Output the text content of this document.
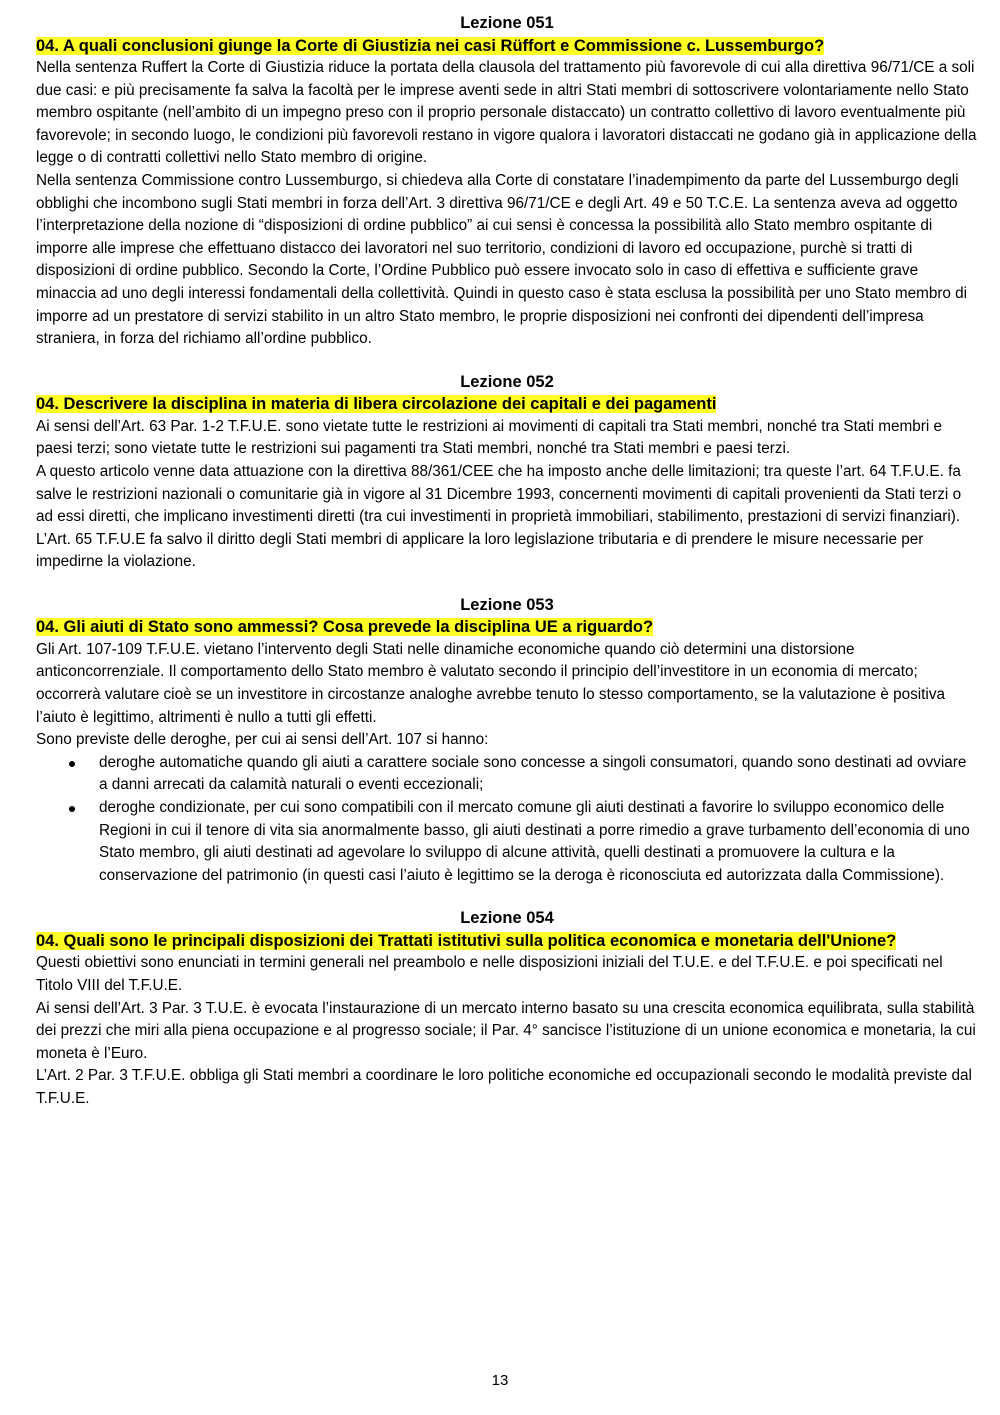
Lezione 051
04. A quali conclusioni giunge la Corte di Giustizia nei casi Rüffort e Commissione c. Lussemburgo?

Nella sentenza Ruffert la Corte di Giustizia riduce la portata della clausola del trattamento più favorevole di cui alla direttiva 96/71/CE a soli due casi: e più precisamente fa salva la facoltà per le imprese aventi sede in altri Stati membri di sottoscrivere volontariamente nello Stato membro ospitante (nell’ambito di un impegno preso con il proprio personale distaccato) un contratto collettivo di lavoro eventualmente più favorevole; in secondo luogo, le condizioni più favorevoli restano in vigore qualora i lavoratori distaccati ne godano già in applicazione della legge o di contratti collettivi nello Stato membro di origine.

Nella sentenza Commissione contro Lussemburgo, si chiedeva alla Corte di constatare l’inadempimento da parte del Lussemburgo degli obblighi che incombono sugli Stati membri in forza dell’Art. 3 direttiva 96/71/CE e degli Art. 49 e 50 T.C.E. La sentenza aveva ad oggetto l’interpretazione della nozione di “disposizioni di ordine pubblico” ai cui sensi è concessa la possibilità allo Stato membro ospitante di imporre alle imprese che effettuano distacco dei lavoratori nel suo territorio, condizioni di lavoro ed occupazione, purchè si tratti di disposizioni di ordine pubblico. Secondo la Corte, l’Ordine Pubblico può essere invocato solo in caso di effettiva e sufficiente grave minaccia ad uno degli interessi fondamentali della collettività. Quindi in questo caso è stata esclusa la possibilità per uno Stato membro di imporre ad un prestatore di servizi stabilito in un altro Stato membro, le proprie disposizioni nei confronti dei dipendenti dell’impresa straniera, in forza del richiamo all’ordine pubblico.

Lezione 052
04. Descrivere la disciplina in materia di libera circolazione dei capitali e dei pagamenti

Ai sensi dell’Art. 63 Par. 1-2 T.F.U.E. sono vietate tutte le restrizioni ai movimenti di capitali tra Stati membri, nonché tra Stati membri e paesi terzi; sono vietate tutte le restrizioni sui pagamenti tra Stati membri, nonché tra Stati membri e paesi terzi.

A questo articolo venne data attuazione con la direttiva 88/361/CEE che ha imposto anche delle limitazioni; tra queste l’art. 64 T.F.U.E. fa salve le restrizioni nazionali o comunitarie già in vigore al 31 Dicembre 1993, concernenti movimenti di capitali provenienti da Stati terzi o ad essi diretti, che implicano investimenti diretti (tra cui investimenti in proprietà immobiliari, stabilimento, prestazioni di servizi finanziari).

L’Art. 65 T.F.U.E fa salvo il diritto degli Stati membri di applicare la loro legislazione tributaria e di prendere le misure necessarie per impedirne la violazione.

Lezione 053
04. Gli aiuti di Stato sono ammessi? Cosa prevede la disciplina UE a riguardo?

Gli Art. 107-109 T.F.U.E. vietano l’intervento degli Stati nelle dinamiche economiche quando ciò determini una distorsione anticoncorrenziale. Il comportamento dello Stato membro è valutato secondo il principio dell’investitore in un economia di mercato; occorrerà valutare cioè se un investitore in circostanze analoghe avrebbe tenuto lo stesso comportamento, se la valutazione è positiva l’aiuto è legittimo, altrimenti è nullo a tutti gli effetti.

Sono previste delle deroghe, per cui ai sensi dell’Art. 107 si hanno:

deroghe automatiche quando gli aiuti a carattere sociale sono concesse a singoli consumatori, quando sono destinati ad ovviare a danni arrecati da calamità naturali o eventi eccezionali;
deroghe condizionate, per cui sono compatibili con il mercato comune gli aiuti destinati a favorire lo sviluppo economico delle Regioni in cui il tenore di vita sia anormalmente basso, gli aiuti destinati a porre rimedio a grave turbamento dell’economia di uno Stato membro, gli aiuti destinati ad agevolare lo sviluppo di alcune attività, quelli destinati a promuovere la cultura e la conservazione del patrimonio (in questi casi l’aiuto è legittimo se la deroga è riconosciuta ed autorizzata dalla Commissione).
Lezione 054
04. Quali sono le principali disposizioni dei Trattati istitutivi sulla politica economica e monetaria dell'Unione?

Questi obiettivi sono enunciati in termini generali nel preambolo e nelle disposizioni iniziali del T.U.E. e del T.F.U.E. e poi specificati nel Titolo VIII del T.F.U.E.

Ai sensi dell’Art. 3 Par. 3 T.U.E. è evocata l’instaurazione di un mercato interno basato su una crescita economica equilibrata, sulla stabilità dei prezzi che miri alla piena occupazione e al progresso sociale; il Par. 4° sancisce l’istituzione di un unione economica e monetaria, la cui moneta è l’Euro.

L’Art. 2 Par. 3 T.F.U.E. obbliga gli Stati membri a coordinare le loro politiche economiche ed occupazionali secondo le modalità previste dal T.F.U.E.

13
